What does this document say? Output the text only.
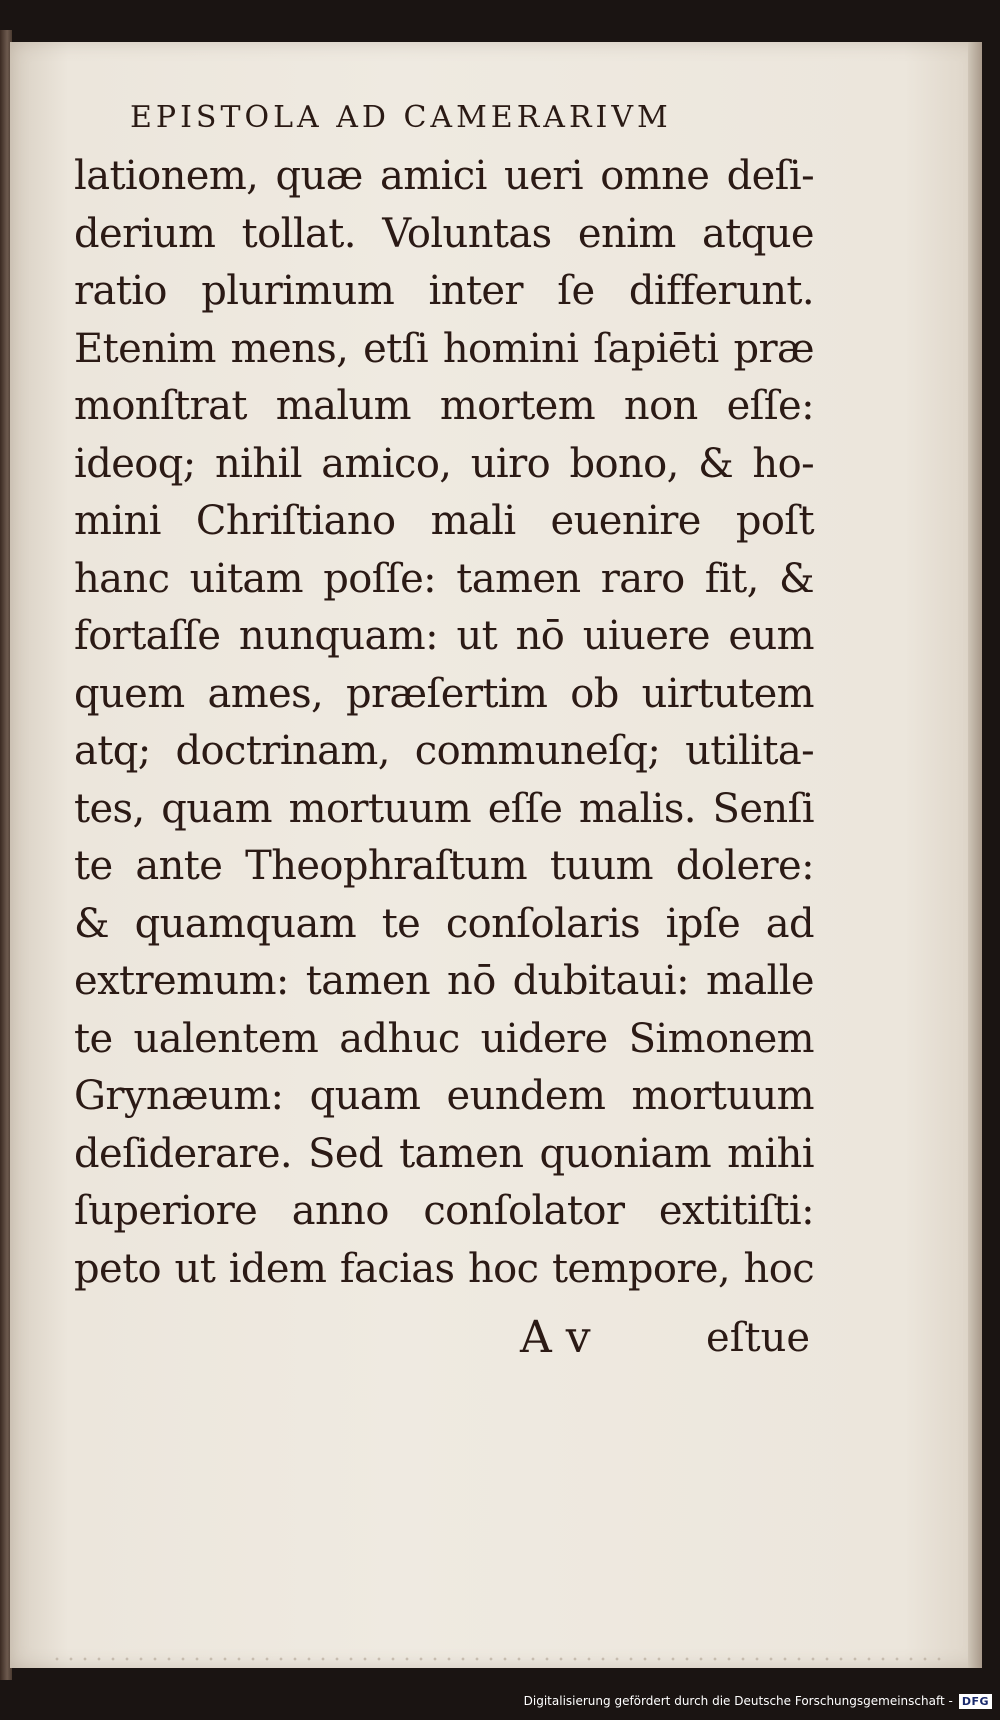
EPISTOLA AD CAMERARIVM
lationem, quæ amici ueri omne deſi-
derium tollat. Voluntas enim atque
ratio plurimum inter ſe differunt.
Etenim mens, etſi homini ſapiēti præ
monſtrat malum mortem non eſſe:
ideoq; nihil amico, uiro bono, & ho-
mini Chriſtiano mali euenire poſt
hanc uitam poſſe: tamen raro fit, &
fortaſſe nunquam: ut nō uiuere eum
quem ames, præſertim ob uirtutem
atq; doctrinam, communeſq; utilita-
tes, quam mortuum eſſe malis. Senſi
te ante Theophraſtum tuum dolere:
& quamquam te conſolaris ipſe ad
extremum: tamen nō dubitaui: malle
te ualentem adhuc uidere Simonem
Grynæum: quam eundem mortuum
deſiderare. Sed tamen quoniam mihi
ſuperiore anno conſolator extitiſti:
peto ut idem facias hoc tempore, hoc
A v	eſtue
Digitalisierung gefördert durch die Deutsche Forschungsgemeinschaft - DFG
